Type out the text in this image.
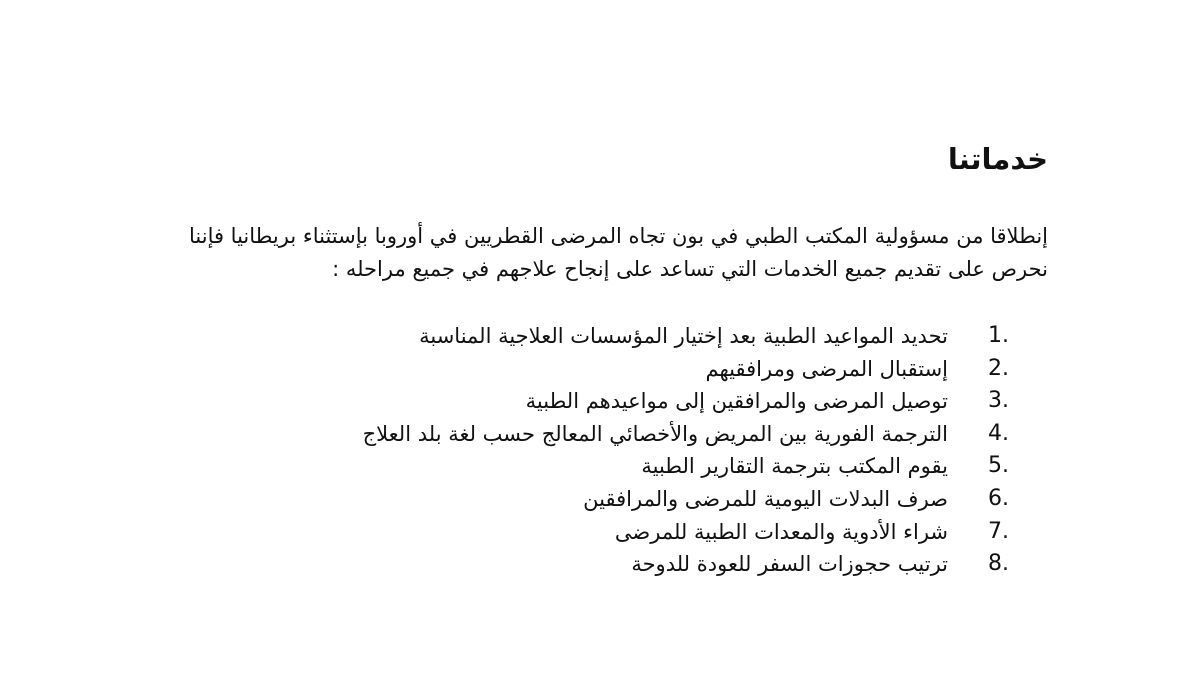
خدماتنا

إنطلاقا من مسؤولية المكتب الطبي في بون تجاه المرضى القطريين في أوروبا بإستثناء بريطانيا فإننا
نحرص على تقديم جميع الخدمات التي تساعد على إنجاح علاجهم في جميع مراحله :

1.
تحديد المواعيد الطبية بعد إختيار المؤسسات العلاجية المناسبة
2.
إستقبال المرضى ومرافقيهم
3.
توصيل المرضى والمرافقين إلى مواعيدهم الطبية
4.
الترجمة الفورية بين المريض والأخصائي المعالج حسب لغة بلد العلاج
5.
يقوم المكتب بترجمة التقارير الطبية
6.
صرف البدلات اليومية للمرضى والمرافقين
7.
شراء الأدوية والمعدات الطبية للمرضى
8.
ترتيب حجوزات السفر للعودة للدوحة
